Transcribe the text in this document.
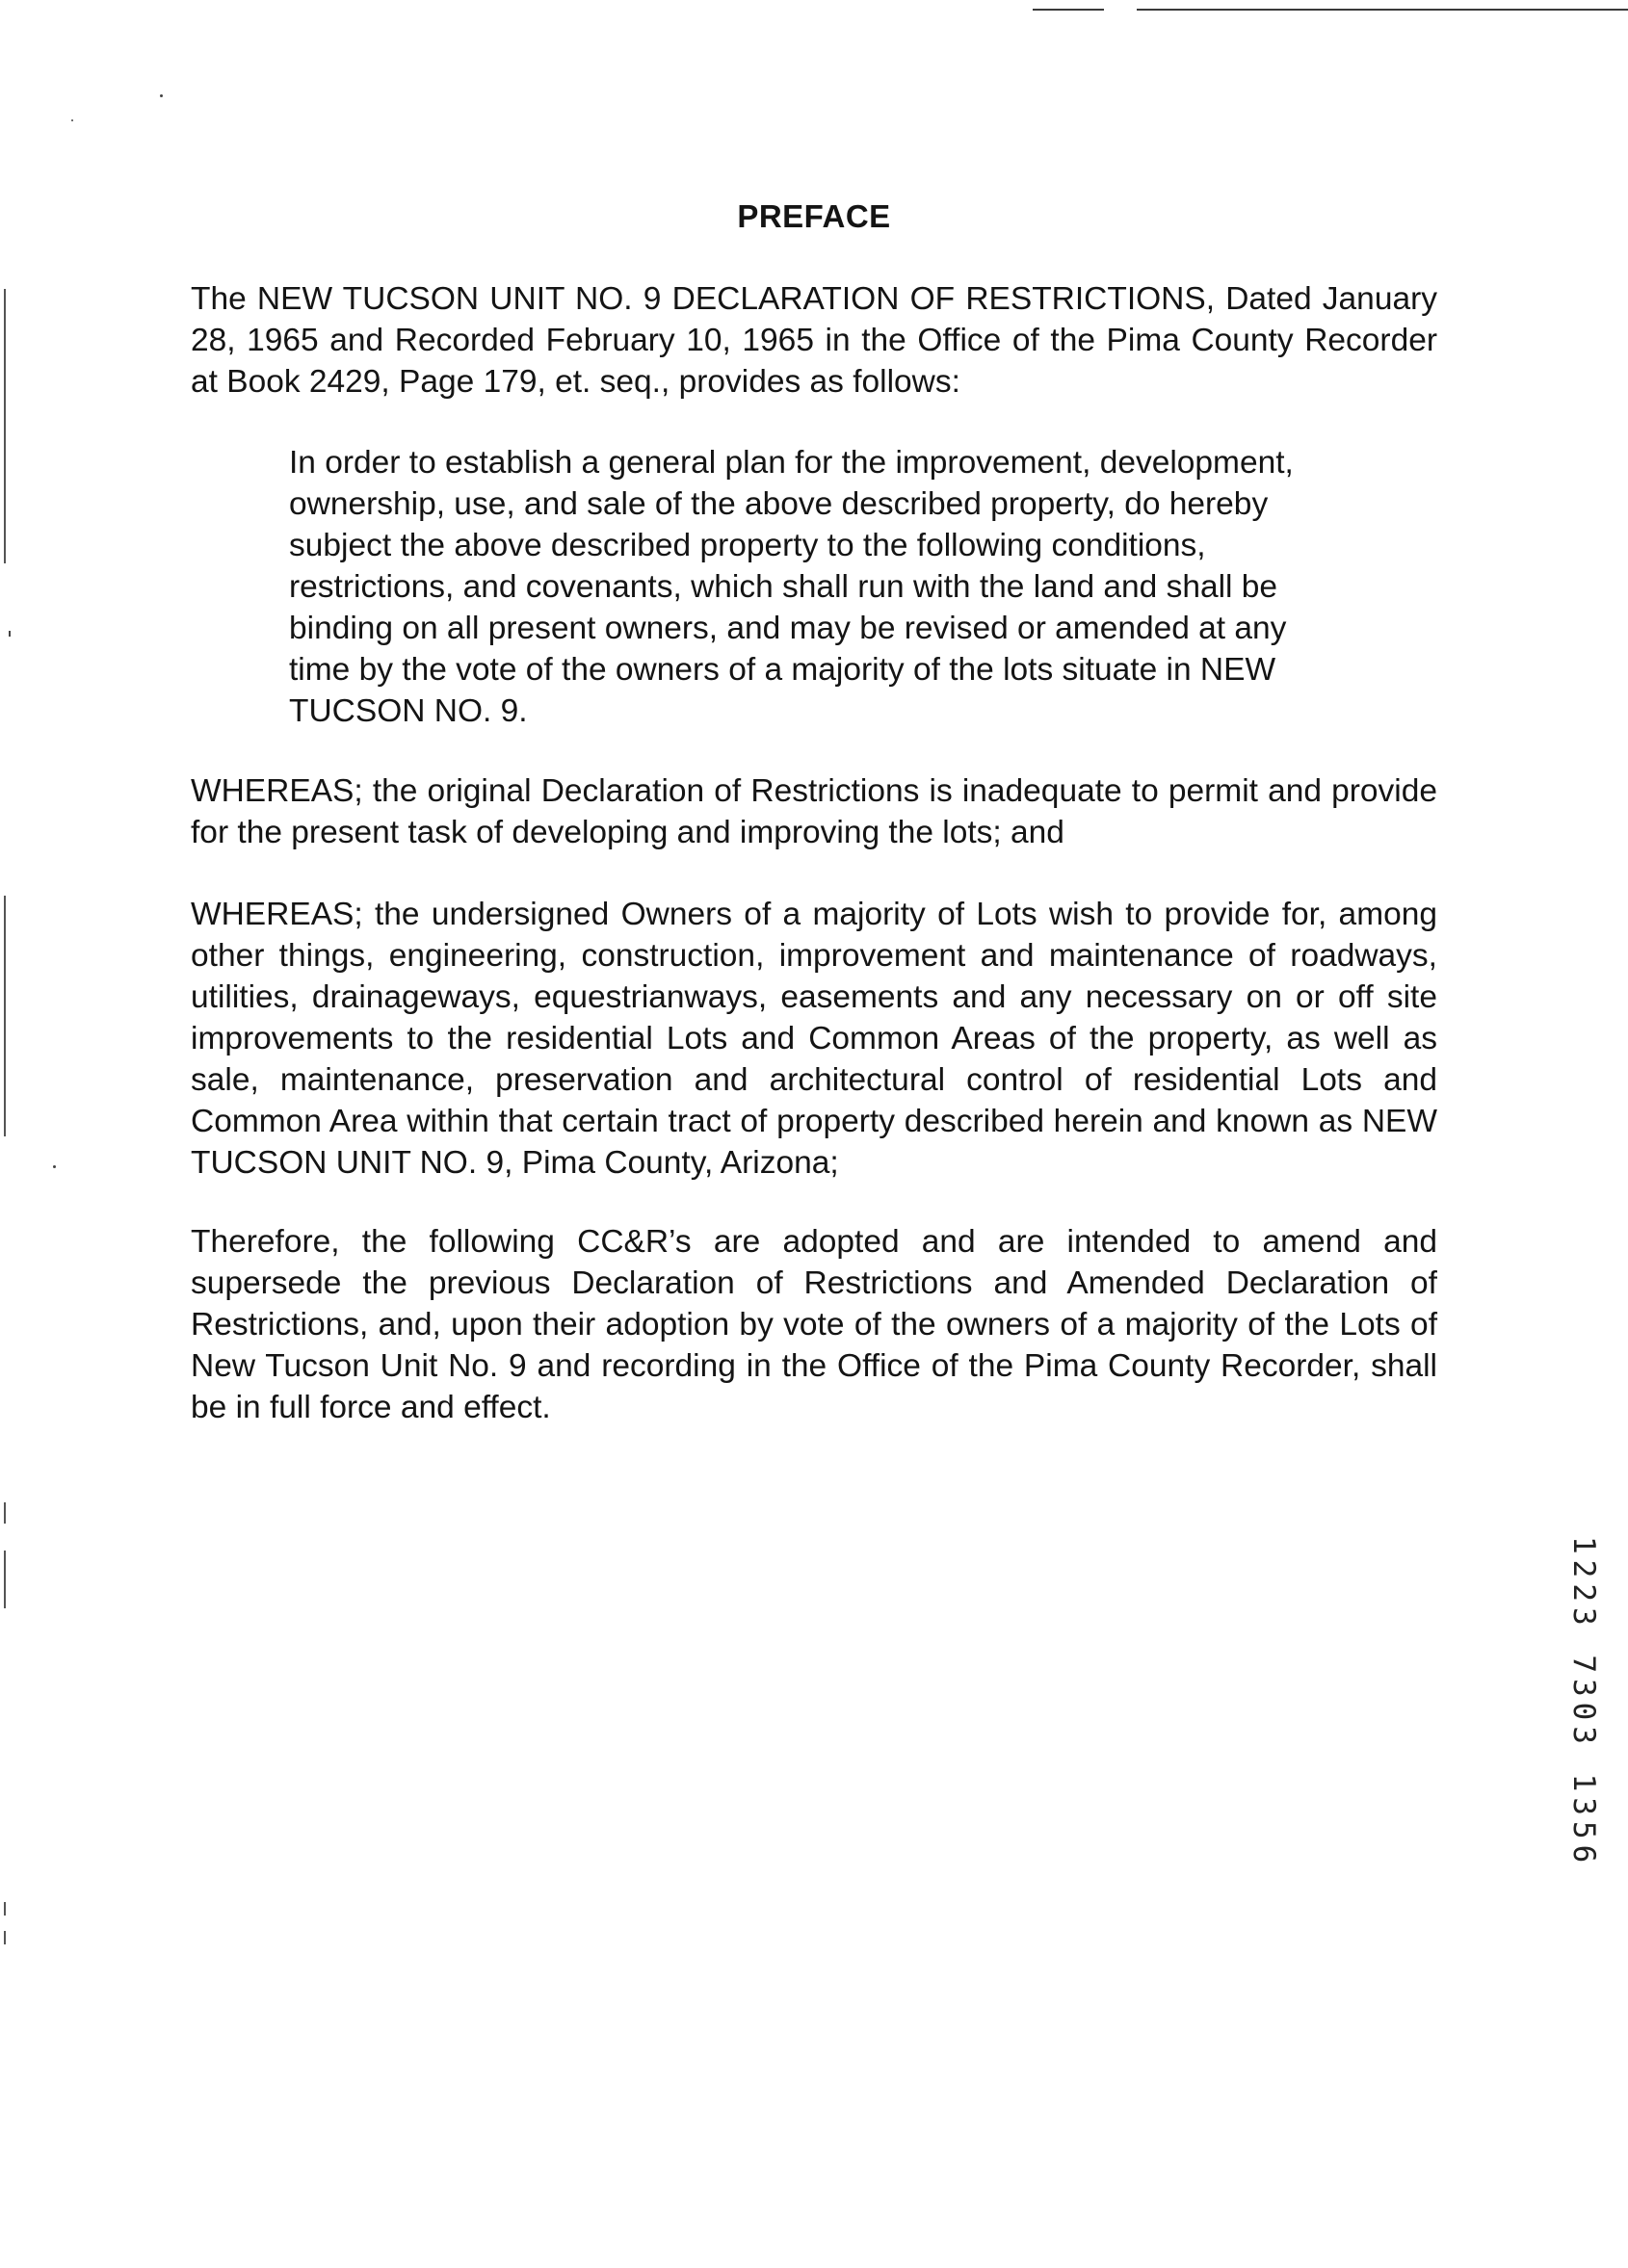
PREFACE

The NEW TUCSON UNIT NO. 9 DECLARATION OF RESTRICTIONS, Dated January 28, 1965 and Recorded February 10, 1965 in the Office of the Pima County Recorder at Book 2429, Page 179, et. seq., provides as follows:

In order to establish a general plan for the improvement, development, ownership, use, and sale of the above described property, do hereby subject the above described property to the following conditions, restrictions, and covenants, which shall run with the land and shall be binding on all present owners, and may be revised or amended at any time by the vote of the owners of a majority of the lots situate in NEW TUCSON NO. 9.

WHEREAS; the original Declaration of Restrictions is inadequate to permit and provide for the present task of developing and improving the lots; and

WHEREAS; the undersigned Owners of a majority of Lots wish to provide for, among other things, engineering, construction, improvement and maintenance of roadways, utilities, drainageways, equestrianways, easements and any necessary on or off site improvements to the residential Lots and Common Areas of the property, as well as sale, maintenance, preservation and architectural control of residential Lots and Common Area within that certain tract of property described herein and known as NEW TUCSON UNIT NO. 9, Pima County, Arizona;

Therefore, the following CC&R’s are adopted and are intended to amend and supersede the previous Declaration of Restrictions and Amended Declaration of Restrictions, and, upon their adoption by vote of the owners of a majority of the Lots of New Tucson Unit No. 9 and recording in the Office of the Pima County Recorder, shall be in full force and effect.

1223 7303 1356
